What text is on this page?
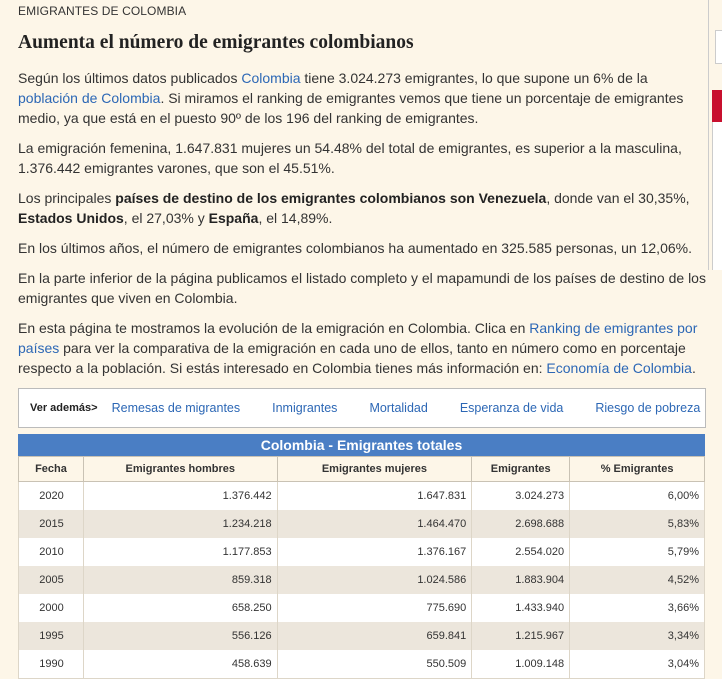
EMIGRANTES DE COLOMBIA
Aumenta el número de emigrantes colombianos

Según los últimos datos publicados Colombia tiene 3.024.273 emigrantes, lo que supone un 6% de la población de Colombia. Si miramos el ranking de emigrantes vemos que tiene un porcentaje de emigrantes medio, ya que está en el puesto 90º de los 196 del ranking de emigrantes.

La emigración femenina, 1.647.831 mujeres un 54.48% del total de emigrantes, es superior a la masculina, 1.376.442 emigrantes varones, que son el 45.51%.

Los principales países de destino de los emigrantes colombianos son Venezuela, donde van el 30,35%, Estados Unidos, el 27,03% y España, el 14,89%.

En los últimos años, el número de emigrantes colombianos ha aumentado en 325.585 personas, un 12,06%.

En la parte inferior de la página publicamos el listado completo y el mapamundi de los países de destino de los emigrantes que viven en Colombia.

En esta página te mostramos la evolución de la emigración en Colombia. Clica en Ranking de emigrantes por países para ver la comparativa de la emigración en cada uno de ellos, tanto en número como en porcentaje respecto a la población. Si estás interesado en Colombia tienes más información en: Economía de Colombia.

Ver además> Remesas de migrantes	Inmigrantes	Mortalidad	Esperanza de vida	Riesgo de pobreza
Colombia - Emigrantes totales
Fecha	Emigrantes hombres	Emigrantes mujeres	Emigrantes	% Emigrantes
2020	1.376.442	1.647.831	3.024.273	6,00%
2015	1.234.218	1.464.470	2.698.688	5,83%
2010	1.177.853	1.376.167	2.554.020	5,79%
2005	859.318	1.024.586	1.883.904	4,52%
2000	658.250	775.690	1.433.940	3,66%
1995	556.126	659.841	1.215.967	3,34%
1990	458.639	550.509	1.009.148	3,04%
